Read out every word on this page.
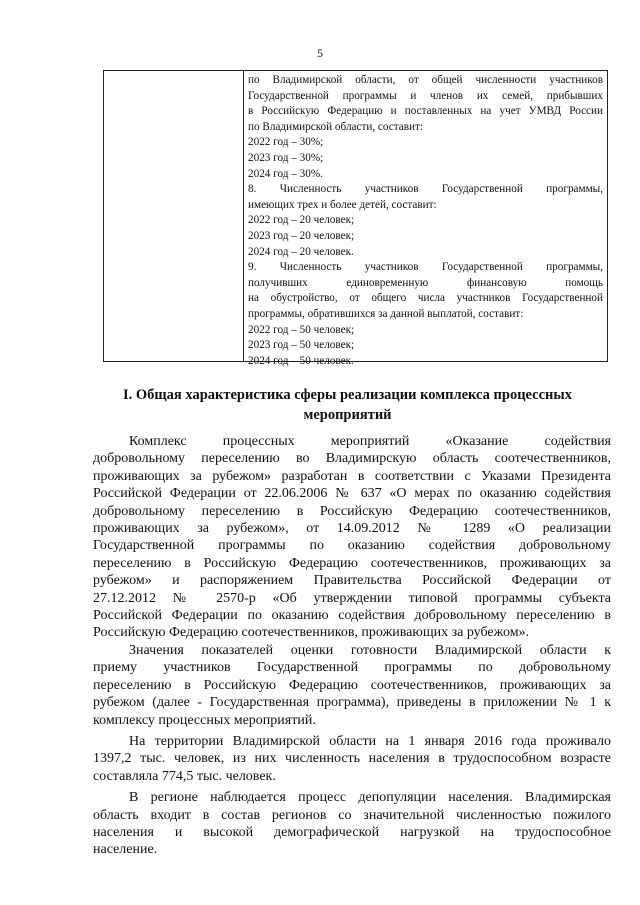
5
по Владимирской области, от общей численности участников
Государственной программы и членов их семей, прибывших
в Российскую Федерацию и поставленных на учет УМВД России
по Владимирской области, составит:
2022 год – 30%;
2023 год – 30%;
2024 год – 30%.
8. Численность участников Государственной программы,
имеющих трех и более детей, составит:
2022 год – 20 человек;
2023 год – 20 человек;
2024 год – 20 человек.
9. Численность участников Государственной программы,
получивших единовременную финансовую помощь
на обустройство, от общего числа участников Государственной
программы, обратившихся за данной выплатой, составит:
2022 год – 50 человек;
2023 год – 50 человек;
2024 год – 50 человек.
I. Общая характеристика сферы реализации комплекса процессных
мероприятий
Комплекс процессных мероприятий «Оказание содействия
добровольному переселению во Владимирскую область соотечественников,
проживающих за рубежом» разработан в соответствии с Указами Президента
Российской Федерации от 22.06.2006 № 637 «О мерах по оказанию содействия
добровольному переселению в Российскую Федерацию соотечественников,
проживающих за рубежом», от 14.09.2012 № 1289 «О реализации
Государственной программы по оказанию содействия добровольному
переселению в Российскую Федерацию соотечественников, проживающих за
рубежом» и распоряжением Правительства Российской Федерации от
27.12.2012 № 2570-р «Об утверждении типовой программы субъекта
Российской Федерации по оказанию содействия добровольному переселению в
Российскую Федерацию соотечественников, проживающих за рубежом».
Значения показателей оценки готовности Владимирской области к
приему участников Государственной программы по добровольному
переселению в Российскую Федерацию соотечественников, проживающих за
рубежом (далее - Государственная программа), приведены в приложении № 1 к
комплексу процессных мероприятий.
На территории Владимирской области на 1 января 2016 года проживало
1397,2 тыс. человек, из них численность населения в трудоспособном возрасте
составляла 774,5 тыс. человек.
В регионе наблюдается процесс депопуляции населения. Владимирская
область входит в состав регионов со значительной численностью пожилого
населения и высокой демографической нагрузкой на трудоспособное
население.
